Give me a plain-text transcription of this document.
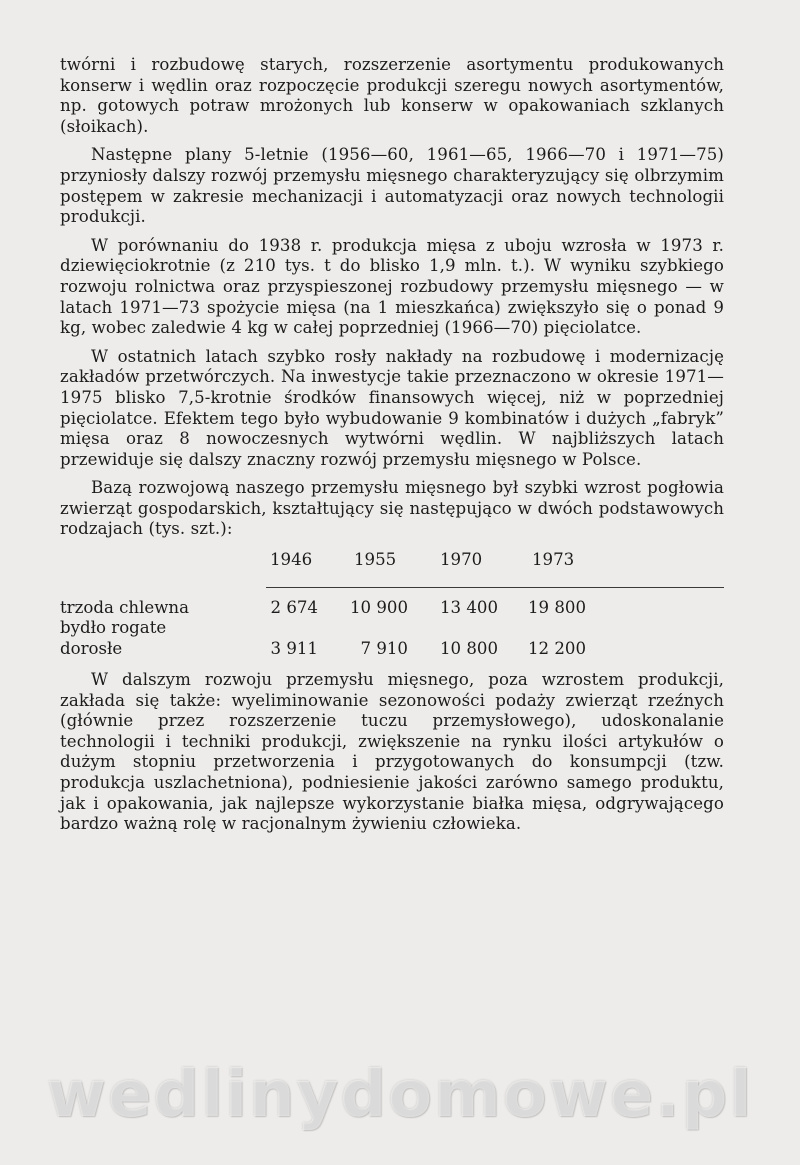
twórni i rozbudowę starych, rozszerzenie asortymentu produkowanych konserw i wędlin oraz rozpoczęcie produkcji szeregu nowych asortymentów, np. gotowych potraw mrożonych lub konserw w opakowaniach szklanych (słoikach).

Następne plany 5-letnie (1956—60, 1961—65, 1966—70 i 1971—75) przyniosły dalszy rozwój przemysłu mięsnego charakteryzujący się olbrzymim postępem w zakresie mechanizacji i automatyzacji oraz nowych technologii produkcji.

W porównaniu do 1938 r. produkcja mięsa z uboju wzrosła w 1973 r. dziewięciokrotnie (z 210 tys. t do blisko 1,9 mln. t.). W wyniku szybkiego rozwoju rolnictwa oraz przyspieszonej rozbudowy przemysłu mięsnego — w latach 1971—73 spożycie mięsa (na 1 mieszkańca) zwiększyło się o ponad 9 kg, wobec zaledwie 4 kg w całej poprzedniej (1966—70) pięciolatce.

W ostatnich latach szybko rosły nakłady na rozbudowę i modernizację zakładów przetwórczych. Na inwestycje takie przeznaczono w okresie 1971—1975 blisko 7,5-krotnie środków finansowych więcej, niż w poprzedniej pięciolatce. Efektem tego było wybudowanie 9 kombinatów i dużych „fabryk” mięsa oraz 8 nowoczesnych wytwórni wędlin. W najbliższych latach przewiduje się dalszy znaczny rozwój przemysłu mięsnego w Polsce.

Bazą rozwojową naszego przemysłu mięsnego był szybki wzrost pogłowia zwierząt gospodarskich, kształtujący się następująco w dwóch podstawowych rodzajach (tys. szt.):

1946	1955	1970	1973
trzoda chlewna	2 674	10 900	13 400	19 800
bydło rogate
dorosłe	3 911	7 910	10 800	12 200

W dalszym rozwoju przemysłu mięsnego, poza wzrostem produkcji, zakłada się także: wyeliminowanie sezonowości podaży zwierząt rzeźnych (głównie przez rozszerzenie tuczu przemysłowego), udoskonalanie technologii i techniki produkcji, zwiększenie na rynku ilości artykułów o dużym stopniu przetworzenia i przygotowanych do konsumpcji (tzw. produkcja uszlachetniona), podniesienie jakości zarówno samego produktu, jak i opakowania, jak najlepsze wykorzystanie białka mięsa, odgrywającego bardzo ważną rolę w racjonalnym żywieniu człowieka.

wedlinydomowe.pl
